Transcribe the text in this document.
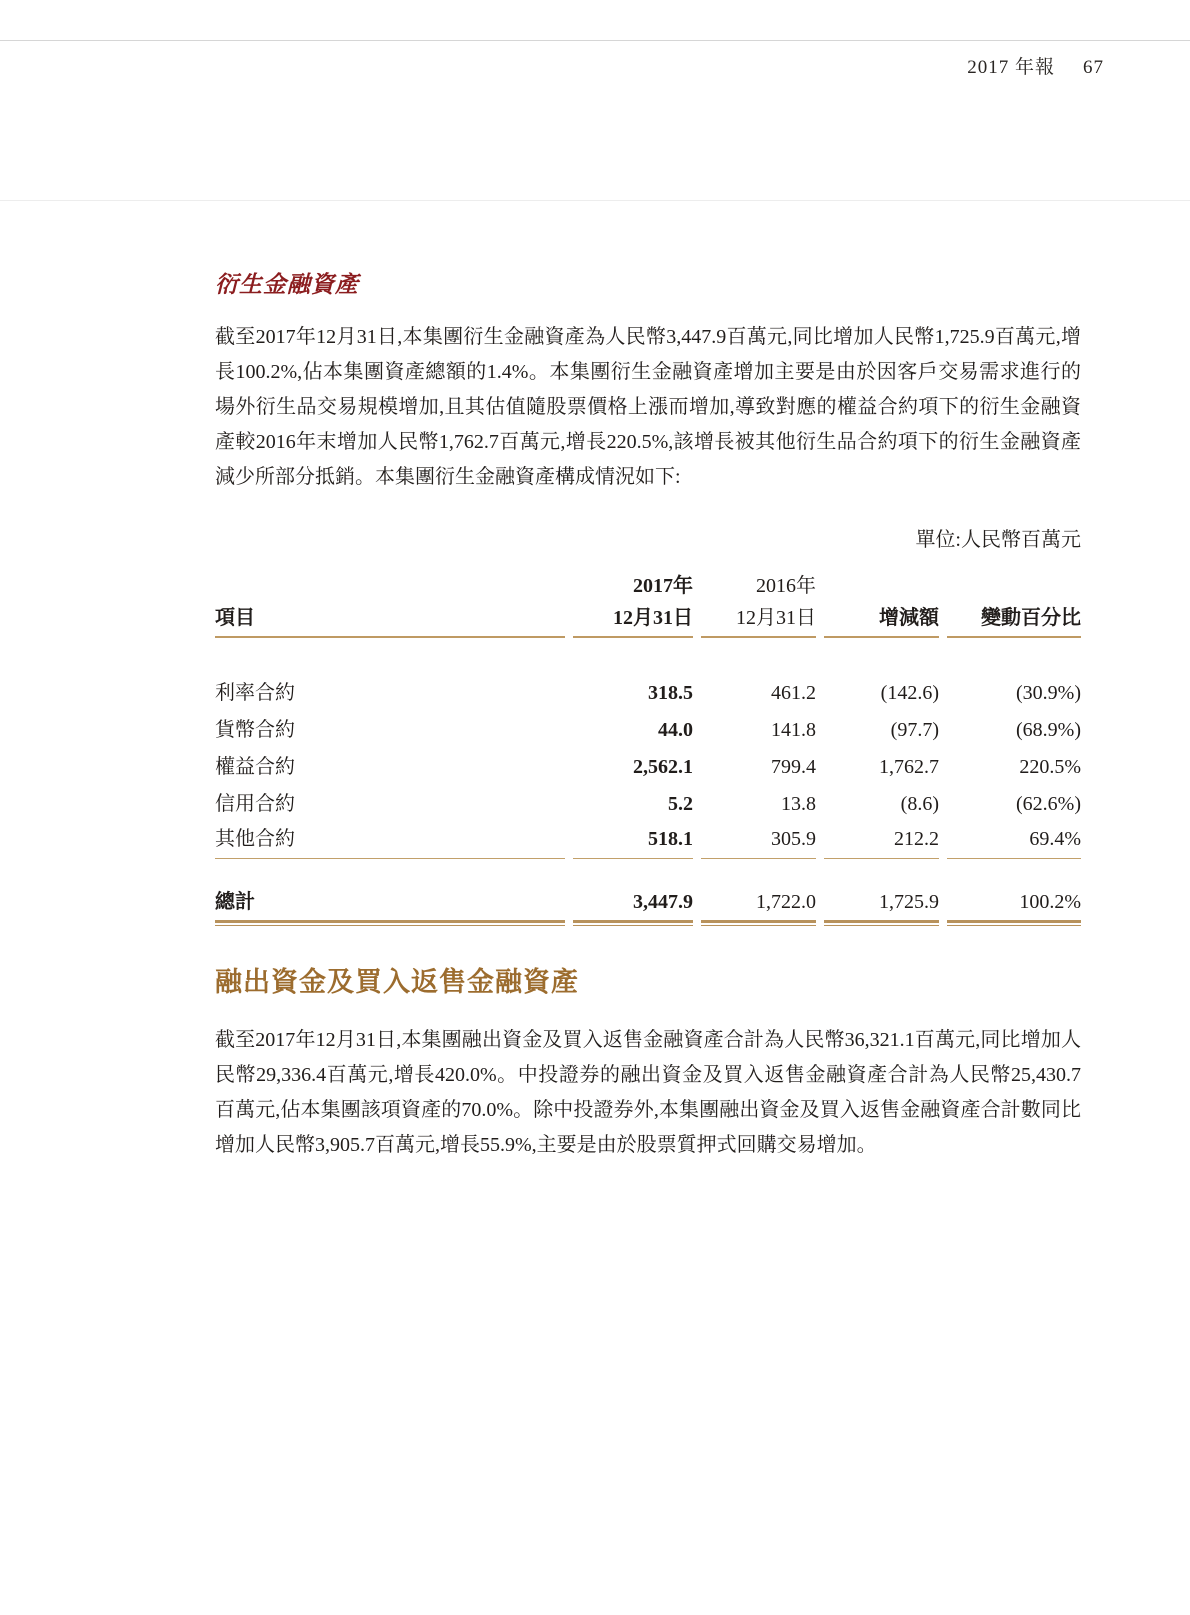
2017 年報 67
衍生金融資產

截至2017年12月31日,本集團衍生金融資產為人民幣3,447.9百萬元,同比增加人民幣1,725.9百萬元,增長100.2%,佔本集團資產總額的1.4%。本集團衍生金融資產增加主要是由於因客戶交易需求進行的場外衍生品交易規模增加,且其估值隨股票價格上漲而增加,導致對應的權益合約項下的衍生金融資產較2016年末增加人民幣1,762.7百萬元,增長220.5%,該增長被其他衍生品合約項下的衍生金融資產減少所部分抵銷。本集團衍生金融資產構成情況如下:

單位:人民幣百萬元
	2017年	2016年		
項目	12月31日	12月31日	增減額	變動百分比

利率合約	318.5	461.2	(142.6)	(30.9%)
貨幣合約	44.0	141.8	(97.7)	(68.9%)
權益合約	2,562.1	799.4	1,762.7	220.5%
信用合約	5.2	13.8	(8.6)	(62.6%)
其他合約	518.1	305.9	212.2	69.4%

總計	3,447.9	1,722.0	1,725.9	100.2%

融出資金及買入返售金融資產

截至2017年12月31日,本集團融出資金及買入返售金融資產合計為人民幣36,321.1百萬元,同比增加人民幣29,336.4百萬元,增長420.0%。中投證券的融出資金及買入返售金融資產合計為人民幣25,430.7百萬元,佔本集團該項資產的70.0%。除中投證券外,本集團融出資金及買入返售金融資產合計數同比增加人民幣3,905.7百萬元,增長55.9%,主要是由於股票質押式回購交易增加。
